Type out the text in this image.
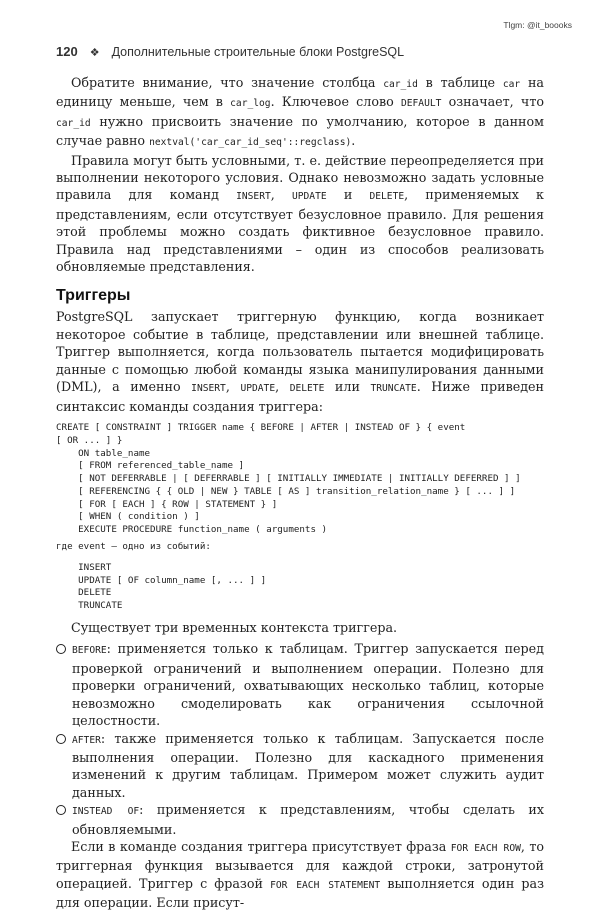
Tlgm: @it_boooks
120 ❖ Дополнительные строительные блоки PostgreSQL

Обратите внимание, что значение столбца car_id в таблице car на единицу меньше, чем в car_log. Ключевое слово DEFAULT означает, что car_id нужно присвоить значение по умолчанию, которое в данном случае равно nextval('car_car_id_seq'::regclass).

Правила могут быть условными, т. е. действие переопределяется при выполнении некоторого условия. Однако невозможно задать условные правила для команд INSERT, UPDATE и DELETE, применяемых к представлениям, если отсутствует безусловное правило. Для решения этой проблемы можно создать фиктивное безусловное правило. Правила над представлениями – один из способов реализовать обновляемые представления.

Триггеры

PostgreSQL запускает триггерную функцию, когда возникает некоторое событие в таблице, представлении или внешней таблице. Триггер выполняется, когда пользователь пытается модифицировать данные с помощью любой команды языка манипулирования данными (DML), а именно INSERT, UPDATE, DELETE или TRUNCATE. Ниже приведен синтаксис команды создания триггера:

CREATE [ CONSTRAINT ] TRIGGER name { BEFORE | AFTER | INSTEAD OF } { event
[ OR ... ] }
ON table_name
[ FROM referenced_table_name ]
[ NOT DEFERRABLE | [ DEFERRABLE ] [ INITIALLY IMMEDIATE | INITIALLY DEFERRED ] ]
[ REFERENCING { { OLD | NEW } TABLE [ AS ] transition_relation_name } [ ... ] ]
[ FOR [ EACH ] { ROW | STATEMENT } ]
[ WHEN ( condition ) ]
EXECUTE PROCEDURE function_name ( arguments )
где event – одно из событий:
INSERT
UPDATE [ OF column_name [, ... ] ]
DELETE
TRUNCATE

Существует три временных контекста триггера.

BEFORE: применяется только к таблицам. Триггер запускается перед проверкой ограничений и выполнением операции. Полезно для проверки ограничений, охватывающих несколько таблиц, которые невозможно смоделировать как ограничения ссылочной целостности.
AFTER: также применяется только к таблицам. Запускается после выполнения операции. Полезно для каскадного применения изменений к другим таблицам. Примером может служить аудит данных.
INSTEAD OF: применяется к представлениям, чтобы сделать их обновляемыми.

Если в команде создания триггера присутствует фраза FOR EACH ROW, то триггерная функция вызывается для каждой строки, затронутой операцией. Триггер с фразой FOR EACH STATEMENT выполняется один раз для операции. Если присут-
